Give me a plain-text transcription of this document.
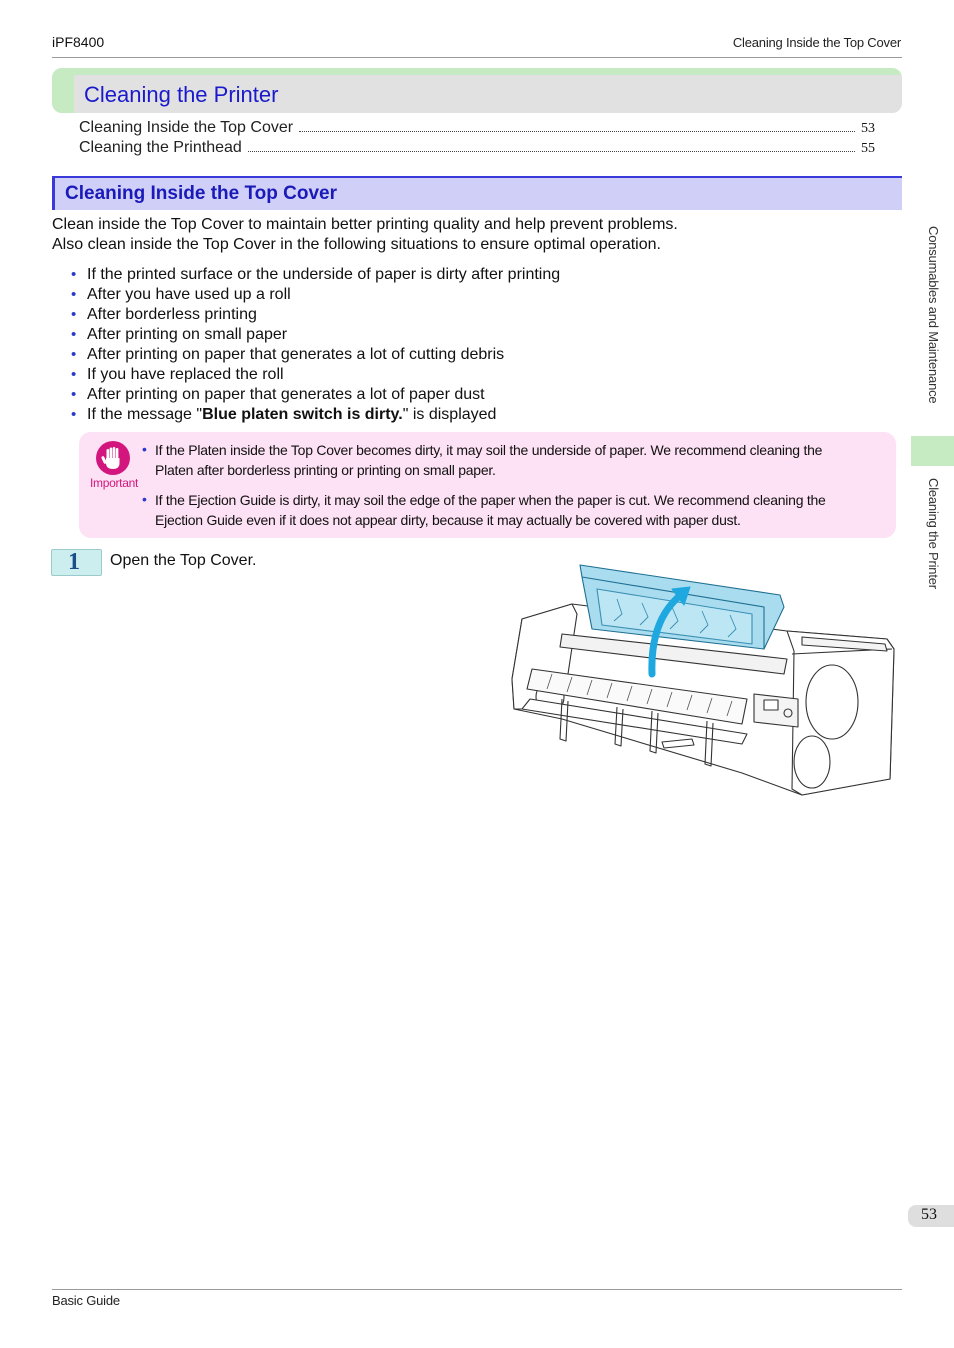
iPF8400	Cleaning Inside the Top Cover
Cleaning the Printer
Cleaning Inside the Top Cover	53
Cleaning the Printhead	55
Cleaning Inside the Top Cover
Clean inside the Top Cover to maintain better printing quality and help prevent problems.
Also clean inside the Top Cover in the following situations to ensure optimal operation.
• If the printed surface or the underside of paper is dirty after printing
• After you have used up a roll
• After borderless printing
• After printing on small paper
• After printing on paper that generates a lot of cutting debris
• If you have replaced the roll
• After printing on paper that generates a lot of paper dust
• If the message "Blue platen switch is dirty." is displayed
Important
• If the Platen inside the Top Cover becomes dirty, it may soil the underside of paper. We recommend cleaning the
Platen after borderless printing or printing on small paper.
• If the Ejection Guide is dirty, it may soil the edge of the paper when the paper is cut. We recommend cleaning the
Ejection Guide even if it does not appear dirty, because it may actually be covered with paper dust.
1 Open the Top Cover.
Consumables and Maintenance
Cleaning the Printer
53
Basic Guide
